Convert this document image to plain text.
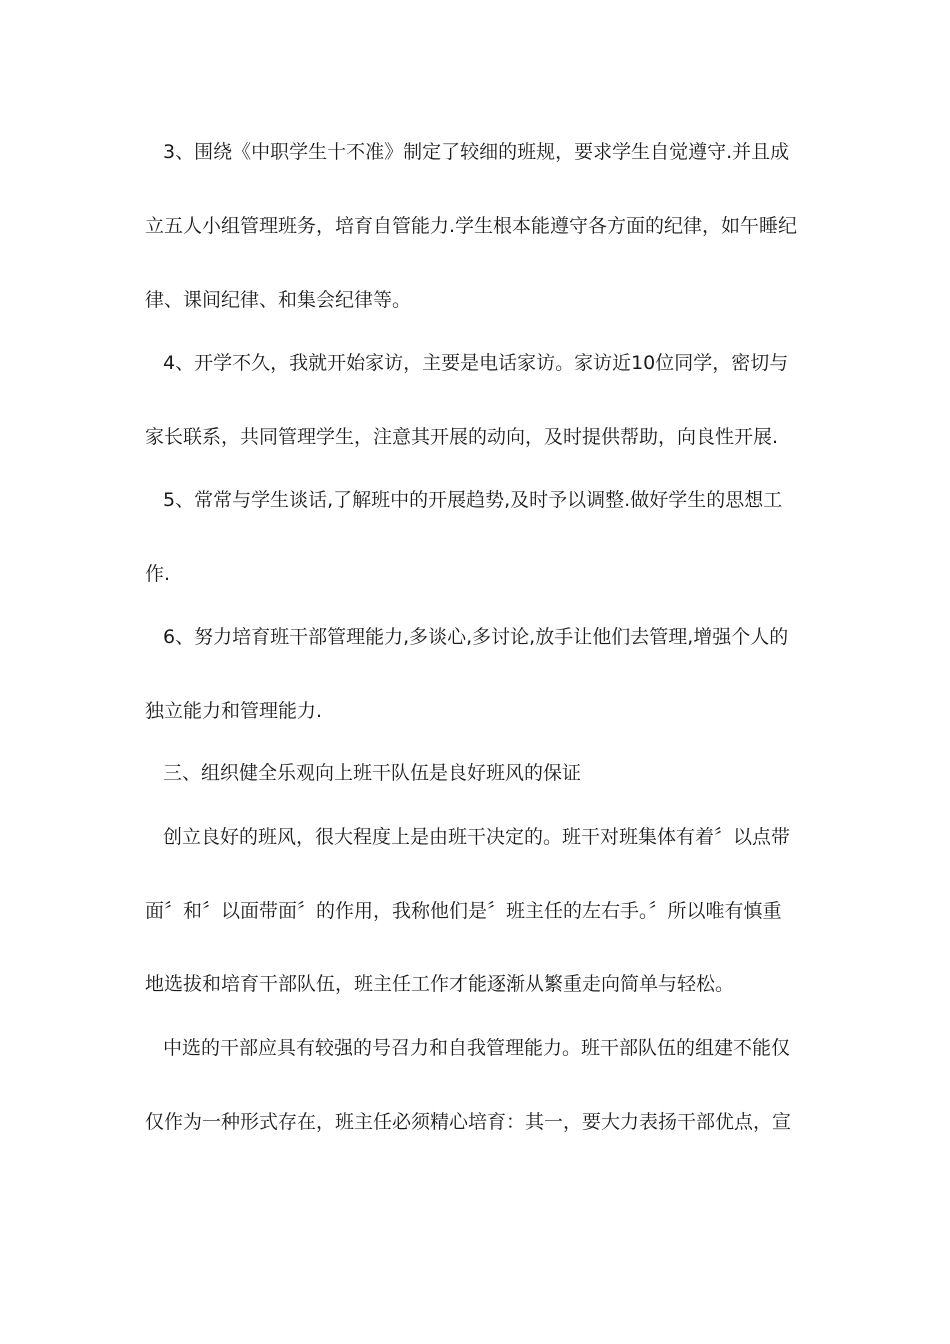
3、围绕《中职学生十不准》制定了较细的班规，要求学生自觉遵守.并且成
立五人小组管理班务，培育自管能力.学生根本能遵守各方面的纪律，如午睡纪
律、课间纪律、和集会纪律等。
4、开学不久，我就开始家访，主要是电话家访。家访近10位同学，密切与
家长联系，共同管理学生，注意其开展的动向，及时提供帮助，向良性开展.
5、常常与学生谈话,了解班中的开展趋势,及时予以调整.做好学生的思想工
作.
6、努力培育班干部管理能力,多谈心,多讨论,放手让他们去管理,增强个人的
独立能力和管理能力.
三、组织健全乐观向上班干队伍是良好班风的保证
创立良好的班风，很大程度上是由班干决定的。班干对班集体有着〞以点带
面〞和〞以面带面〞的作用，我称他们是〞班主任的左右手。〞所以唯有慎重
地选拔和培育干部队伍，班主任工作才能逐渐从繁重走向简单与轻松。
中选的干部应具有较强的号召力和自我管理能力。班干部队伍的组建不能仅
仅作为一种形式存在，班主任必须精心培育：其一，要大力表扬干部优点，宣
